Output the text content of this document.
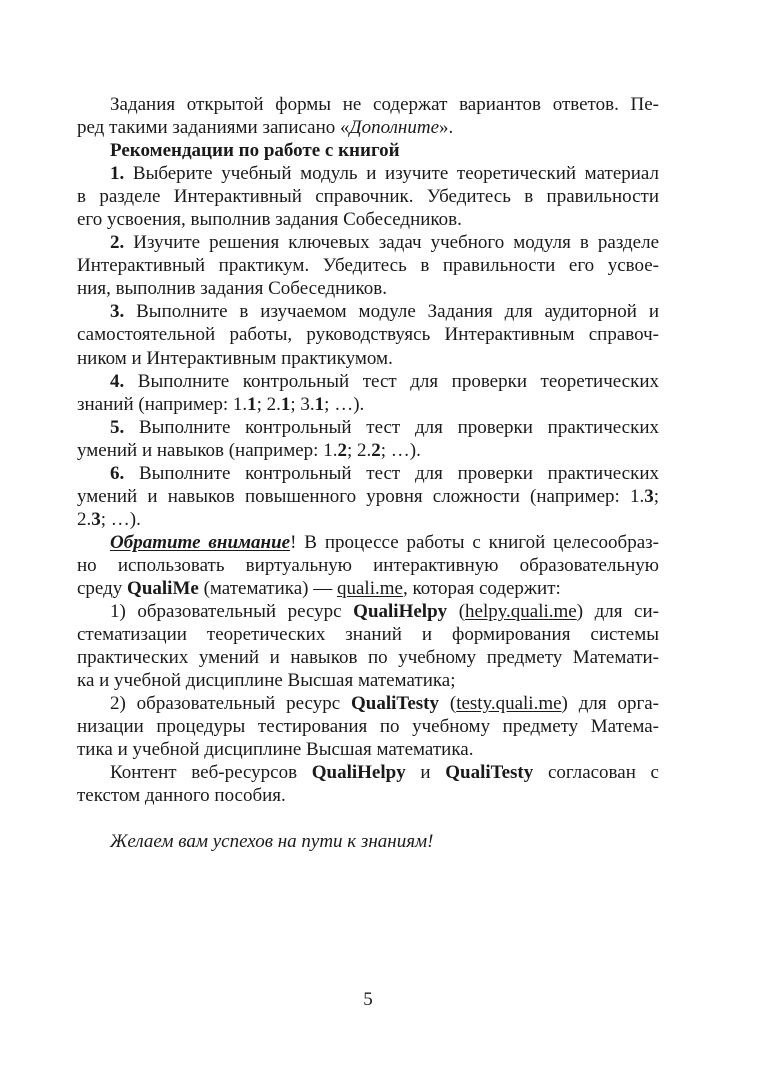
Задания открытой формы не содержат вариантов ответов. Пе-
ред такими заданиями записано «Дополните».
Рекомендации по работе с книгой
1. Выберите учебный модуль и изучите теоретический материал
в разделе Интерактивный справочник. Убедитесь в правильности
его усвоения, выполнив задания Собеседников.
2. Изучите решения ключевых задач учебного модуля в разделе
Интерактивный практикум. Убедитесь в правильности его усвое-
ния, выполнив задания Собеседников.
3. Выполните в изучаемом модуле Задания для аудиторной и
самостоятельной работы, руководствуясь Интерактивным справоч-
ником и Интерактивным практикумом.
4. Выполните контрольный тест для проверки теоретических
знаний (например: 1.1; 2.1; 3.1; …).
5. Выполните контрольный тест для проверки практических
умений и навыков (например: 1.2; 2.2; …).
6. Выполните контрольный тест для проверки практических
умений и навыков повышенного уровня сложности (например: 1.3;
2.3; …).
Обратите внимание! В процессе работы с книгой целесообраз-
но использовать виртуальную интерактивную образовательную
среду QualiMe (математика) — quali.me, которая содержит:
1) образовательный ресурс QualiHelpy (helpy.quali.me) для си-
стематизации теоретических знаний и формирования системы
практических умений и навыков по учебному предмету Математи-
ка и учебной дисциплине Высшая математика;
2) образовательный ресурс QualiTesty (testy.quali.me) для орга-
низации процедуры тестирования по учебному предмету Матема-
тика и учебной дисциплине Высшая математика.
Контент веб-ресурсов QualiHelpy и QualiTesty согласован с
текстом данного пособия.
Желаем вам успехов на пути к знаниям!
5
